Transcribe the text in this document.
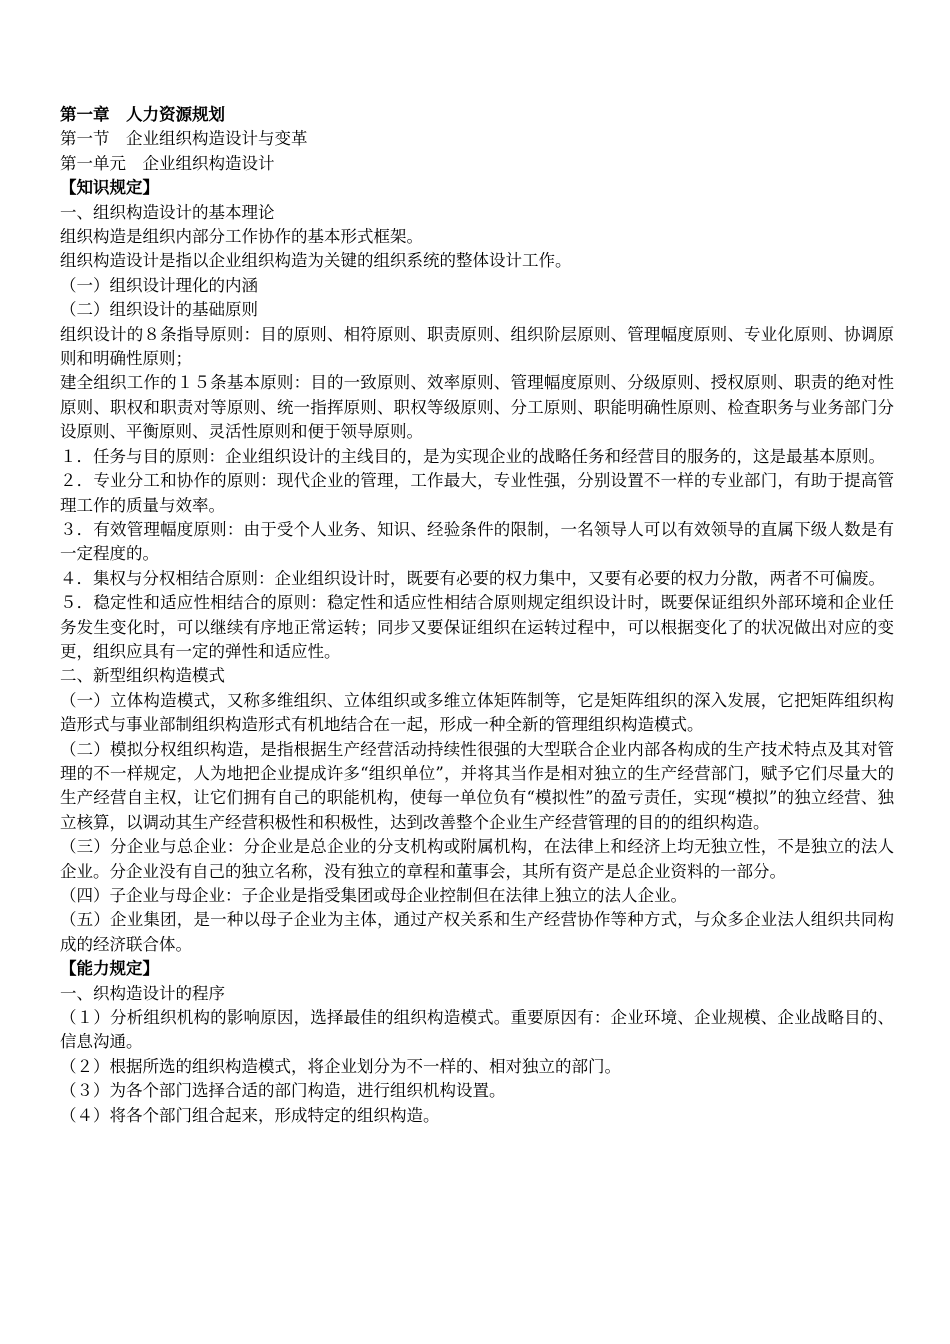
第一章　人力资源规划

第一节　企业组织构造设计与变革

第一单元　企业组织构造设计

【知识规定】

一、组织构造设计的基本理论

组织构造是组织内部分工作协作的基本形式框架。

组织构造设计是指以企业组织构造为关键的组织系统的整体设计工作。

（一）组织设计理化的内涵

（二）组织设计的基础原则

组织设计的８条指导原则：目的原则、相符原则、职责原则、组织阶层原则、管理幅度原则、专业化原则、协调原则和明确性原则；

建全组织工作的１５条基本原则：目的一致原则、效率原则、管理幅度原则、分级原则、授权原则、职责的绝对性原则、职权和职责对等原则、统一指挥原则、职权等级原则、分工原则、职能明确性原则、检查职务与业务部门分设原则、平衡原则、灵活性原则和便于领导原则。

１．任务与目的原则：企业组织设计的主线目的，是为实现企业的战略任务和经营目的服务的，这是最基本原则。

２．专业分工和协作的原则：现代企业的管理，工作最大，专业性强，分别设置不一样的专业部门，有助于提高管理工作的质量与效率。

３．有效管理幅度原则：由于受个人业务、知识、经验条件的限制，一名领导人可以有效领导的直属下级人数是有一定程度的。

４．集权与分权相结合原则：企业组织设计时，既要有必要的权力集中，又要有必要的权力分散，两者不可偏废。

５．稳定性和适应性相结合的原则：稳定性和适应性相结合原则规定组织设计时，既要保证组织外部环境和企业任务发生变化时，可以继续有序地正常运转；同步又要保证组织在运转过程中，可以根据变化了的状况做出对应的变更，组织应具有一定的弹性和适应性。

二、新型组织构造模式

（一）立体构造模式，又称多维组织、立体组织或多维立体矩阵制等，它是矩阵组织的深入发展，它把矩阵组织构造形式与事业部制组织构造形式有机地结合在一起，形成一种全新的管理组织构造模式。

（二）模拟分权组织构造，是指根据生产经营活动持续性很强的大型联合企业内部各构成的生产技术特点及其对管理的不一样规定，人为地把企业提成许多“组织单位”，并将其当作是相对独立的生产经营部门，赋予它们尽量大的生产经营自主权，让它们拥有自己的职能机构，使每一单位负有“模拟性”的盈亏责任，实现“模拟”的独立经营、独立核算，以调动其生产经营积极性和积极性，达到改善整个企业生产经营管理的目的的组织构造。

（三）分企业与总企业：分企业是总企业的分支机构或附属机构，在法律上和经济上均无独立性，不是独立的法人企业。分企业没有自己的独立名称，没有独立的章程和董事会，其所有资产是总企业资料的一部分。

（四）子企业与母企业：子企业是指受集团或母企业控制但在法律上独立的法人企业。

（五）企业集团，是一种以母子企业为主体，通过产权关系和生产经营协作等种方式，与众多企业法人组织共同构成的经济联合体。

【能力规定】

一、织构造设计的程序

（１）分析组织机构的影响原因，选择最佳的组织构造模式。重要原因有：企业环境、企业规模、企业战略目的、信息沟通。

（２）根据所选的组织构造模式，将企业划分为不一样的、相对独立的部门。

（３）为各个部门选择合适的部门构造，进行组织机构设置。

（４）将各个部门组合起来，形成特定的组织构造。
